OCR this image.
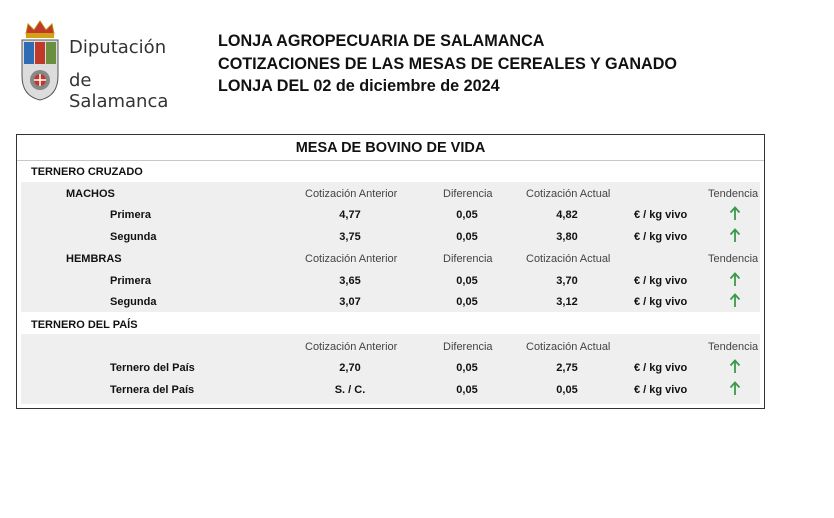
Diputación
de Salamanca
LONJA AGROPECUARIA DE SALAMANCA
COTIZACIONES DE LAS MESAS DE CEREALES Y GANADO
LONJA DEL 02 de diciembre de 2024
MESA DE BOVINO DE VIDA
TERNERO CRUZADO
MACHOS	Cotización Anterior	Diferencia	Cotización Actual	Tendencia
Primera	4,77	0,05	4,82	€ / kg vivo
Segunda	3,75	0,05	3,80	€ / kg vivo
HEMBRAS	Cotización Anterior	Diferencia	Cotización Actual	Tendencia
Primera	3,65	0,05	3,70	€ / kg vivo
Segunda	3,07	0,05	3,12	€ / kg vivo
TERNERO DEL PAÍS
Cotización Anterior	Diferencia	Cotización Actual	Tendencia
Ternero del País	2,70	0,05	2,75	€ / kg vivo
Ternera del País	S. / C.	0,05	0,05	€ / kg vivo
